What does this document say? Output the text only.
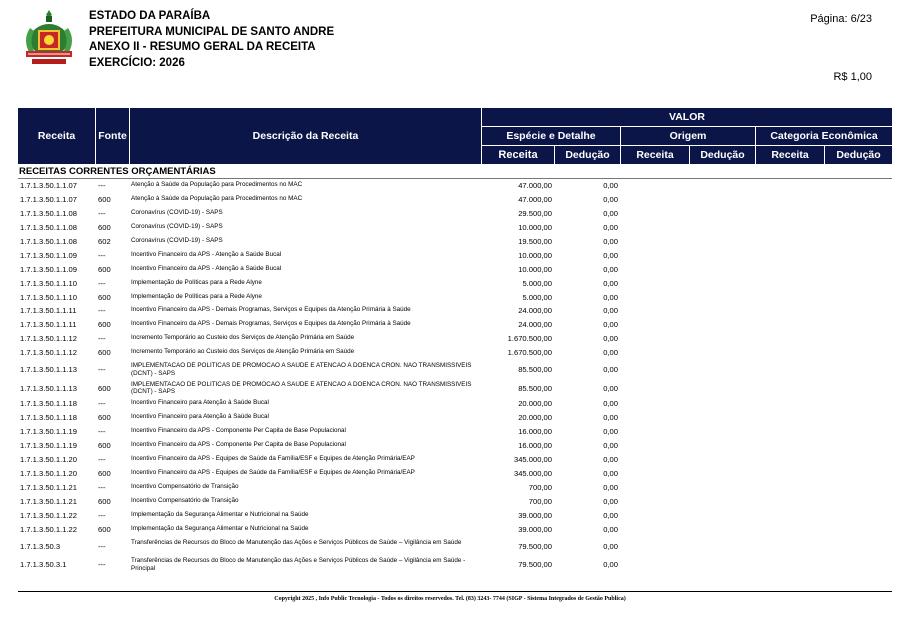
ESTADO DA PARAÍBA
PREFEITURA MUNICIPAL DE SANTO ANDRE
ANEXO II - RESUMO GERAL DA RECEITA
EXERCÍCIO: 2026
Página: 6/23
R$ 1,00
Receita	Fonte	Descrição da Receita
VALOR
Espécie e Detalhe	Origem	Categoria Econômica
Receita	Dedução	Receita	Dedução	Receita	Dedução
RECEITAS CORRENTES ORÇAMENTÁRIAS
1.7.1.3.50.1.1.07	---	Atenção à Saúde da População para Procedimentos no MAC	47.000,00	0,00
1.7.1.3.50.1.1.07	600	Atenção à Saúde da População para Procedimentos no MAC	47.000,00	0,00
1.7.1.3.50.1.1.08	---	Coronavírus (COVID-19) - SAPS	29.500,00	0,00
1.7.1.3.50.1.1.08	600	Coronavírus (COVID-19) - SAPS	10.000,00	0,00
1.7.1.3.50.1.1.08	602	Coronavírus (COVID-19) - SAPS	19.500,00	0,00
1.7.1.3.50.1.1.09	---	Incentivo Financeiro da APS - Atenção a Saúde Bucal	10.000,00	0,00
1.7.1.3.50.1.1.09	600	Incentivo Financeiro da APS - Atenção a Saúde Bucal	10.000,00	0,00
1.7.1.3.50.1.1.10	---	Implementação de Políticas para a Rede Alyne	5.000,00	0,00
1.7.1.3.50.1.1.10	600	Implementação de Políticas para a Rede Alyne	5.000,00	0,00
1.7.1.3.50.1.1.11	---	Incentivo Financeiro da APS - Demais Programas, Serviços e Equipes da Atenção Primária à Saúde	24.000,00	0,00
1.7.1.3.50.1.1.11	600	Incentivo Financeiro da APS - Demais Programas, Serviços e Equipes da Atenção Primária à Saúde	24.000,00	0,00
1.7.1.3.50.1.1.12	---	Incremento Temporário ao Custeio dos Serviços de Atenção Primária em Saúde	1.670.500,00	0,00
1.7.1.3.50.1.1.12	600	Incremento Temporário ao Custeio dos Serviços de Atenção Primária em Saúde	1.670.500,00	0,00
1.7.1.3.50.1.1.13	---	IMPLEMENTACAO DE POLITICAS DE PROMOCAO A SAUDE E ATENCAO A DOENCA CRON. NAO TRANSMISSIVEIS (DCNT) - SAPS	85.500,00	0,00
1.7.1.3.50.1.1.13	600	IMPLEMENTACAO DE POLITICAS DE PROMOCAO A SAUDE E ATENCAO A DOENCA CRON. NAO TRANSMISSIVEIS (DCNT) - SAPS	85.500,00	0,00
1.7.1.3.50.1.1.18	---	Incentivo Financeiro para Atenção à Saúde Bucal	20.000,00	0,00
1.7.1.3.50.1.1.18	600	Incentivo Financeiro para Atenção à Saúde Bucal	20.000,00	0,00
1.7.1.3.50.1.1.19	---	Incentivo Financeiro da APS - Componente Per Capita de Base Populacional	16.000,00	0,00
1.7.1.3.50.1.1.19	600	Incentivo Financeiro da APS - Componente Per Capita de Base Populacional	16.000,00	0,00
1.7.1.3.50.1.1.20	---	Incentivo Financeiro da APS - Equipes de Saúde da Família/ESF e Equipes de Atenção Primária/EAP	345.000,00	0,00
1.7.1.3.50.1.1.20	600	Incentivo Financeiro da APS - Equipes de Saúde da Família/ESF e Equipes de Atenção Primária/EAP	345.000,00	0,00
1.7.1.3.50.1.1.21	---	Incentivo Compensatório de Transição	700,00	0,00
1.7.1.3.50.1.1.21	600	Incentivo Compensatório de Transição	700,00	0,00
1.7.1.3.50.1.1.22	---	Implementação da Segurança Alimentar e Nutricional na Saúde	39.000,00	0,00
1.7.1.3.50.1.1.22	600	Implementação da Segurança Alimentar e Nutricional na Saúde	39.000,00	0,00
1.7.1.3.50.3	---	Transferências de Recursos do Bloco de Manutenção das Ações e Serviços Públicos de Saúde – Vigilância em Saúde	79.500,00	0,00
1.7.1.3.50.3.1	---	Transferências de Recursos do Bloco de Manutenção das Ações e Serviços Públicos de Saúde – Vigilância em Saúde - Principal	79.500,00	0,00
Copyright 2025 , Info Public Tecnologia - Todos os direitos reservedos. Tel. (83) 3243- 7744 (SIGP - Sistema Integrados de Gestão Publica)
